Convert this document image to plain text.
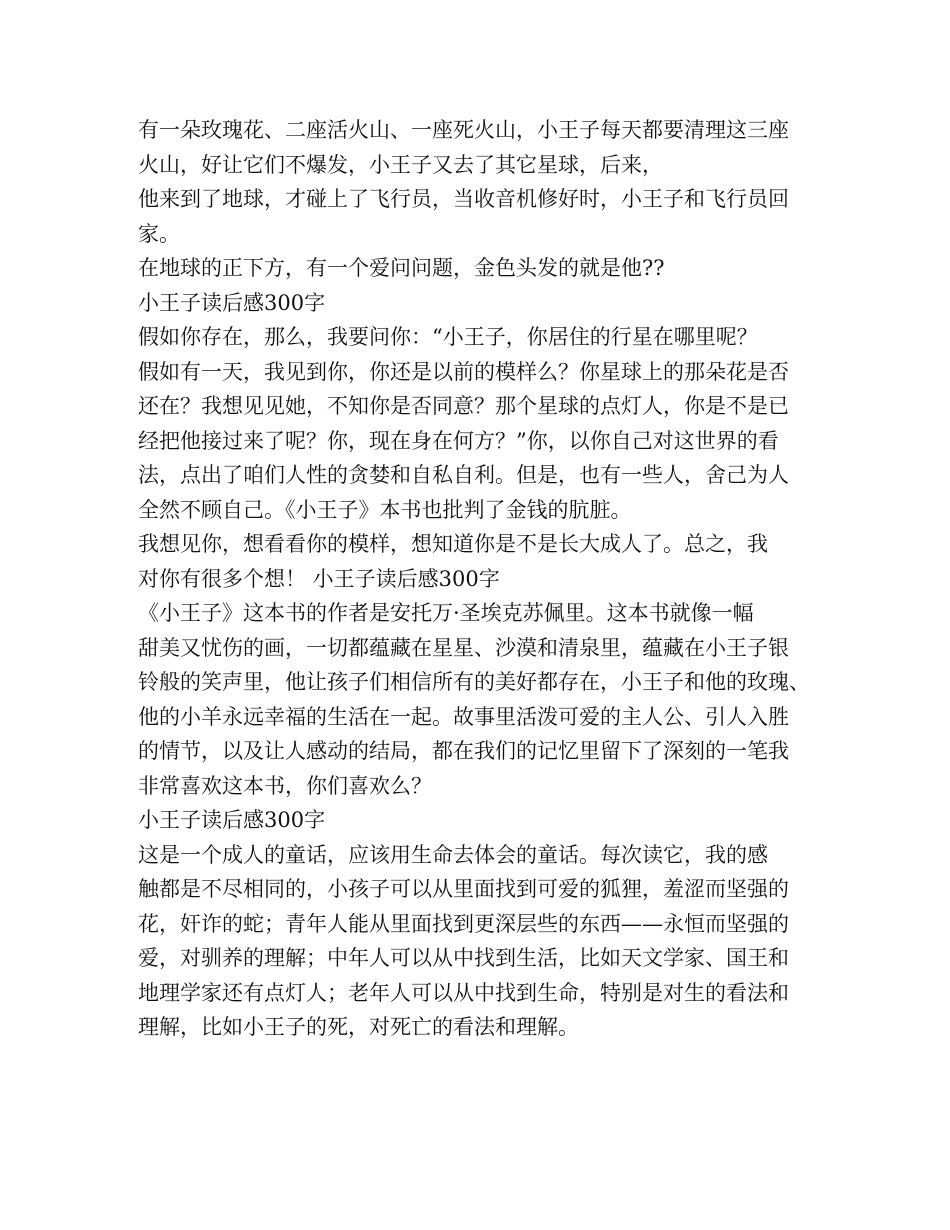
有一朵玫瑰花、二座活火山、一座死火山，小王子每天都要清理这三座
火山，好让它们不爆发，小王子又去了其它星球，后来，
他来到了地球，才碰上了飞行员，当收音机修好时，小王子和飞行员回
家。
在地球的正下方，有一个爱问问题，金色头发的就是他??
小王子读后感300字
假如你存在，那么，我要问你：“小王子，你居住的行星在哪里呢？
假如有一天，我见到你，你还是以前的模样么？你星球上的那朵花是否
还在？我想见见她，不知你是否同意？那个星球的点灯人，你是不是已
经把他接过来了呢？你，现在身在何方？”你，以你自己对这世界的看
法，点出了咱们人性的贪婪和自私自利。但是，也有一些人，舍己为人
全然不顾自己。《小王子》本书也批判了金钱的肮脏。
我想见你，想看看你的模样，想知道你是不是长大成人了。总之，我
对你有很多个想！ 小王子读后感300字
《小王子》这本书的作者是安托万·圣埃克苏佩里。这本书就像一幅
甜美又忧伤的画，一切都蕴藏在星星、沙漠和清泉里，蕴藏在小王子银
铃般的笑声里，他让孩子们相信所有的美好都存在，小王子和他的玫瑰、
他的小羊永远幸福的生活在一起。故事里活泼可爱的主人公、引人入胜
的情节，以及让人感动的结局，都在我们的记忆里留下了深刻的一笔我
非常喜欢这本书，你们喜欢么？
小王子读后感300字
这是一个成人的童话，应该用生命去体会的童话。每次读它，我的感
触都是不尽相同的，小孩子可以从里面找到可爱的狐狸，羞涩而坚强的
花，奸诈的蛇；青年人能从里面找到更深层些的东西——永恒而坚强的
爱，对驯养的理解；中年人可以从中找到生活，比如天文学家、国王和
地理学家还有点灯人；老年人可以从中找到生命，特别是对生的看法和
理解，比如小王子的死，对死亡的看法和理解。
